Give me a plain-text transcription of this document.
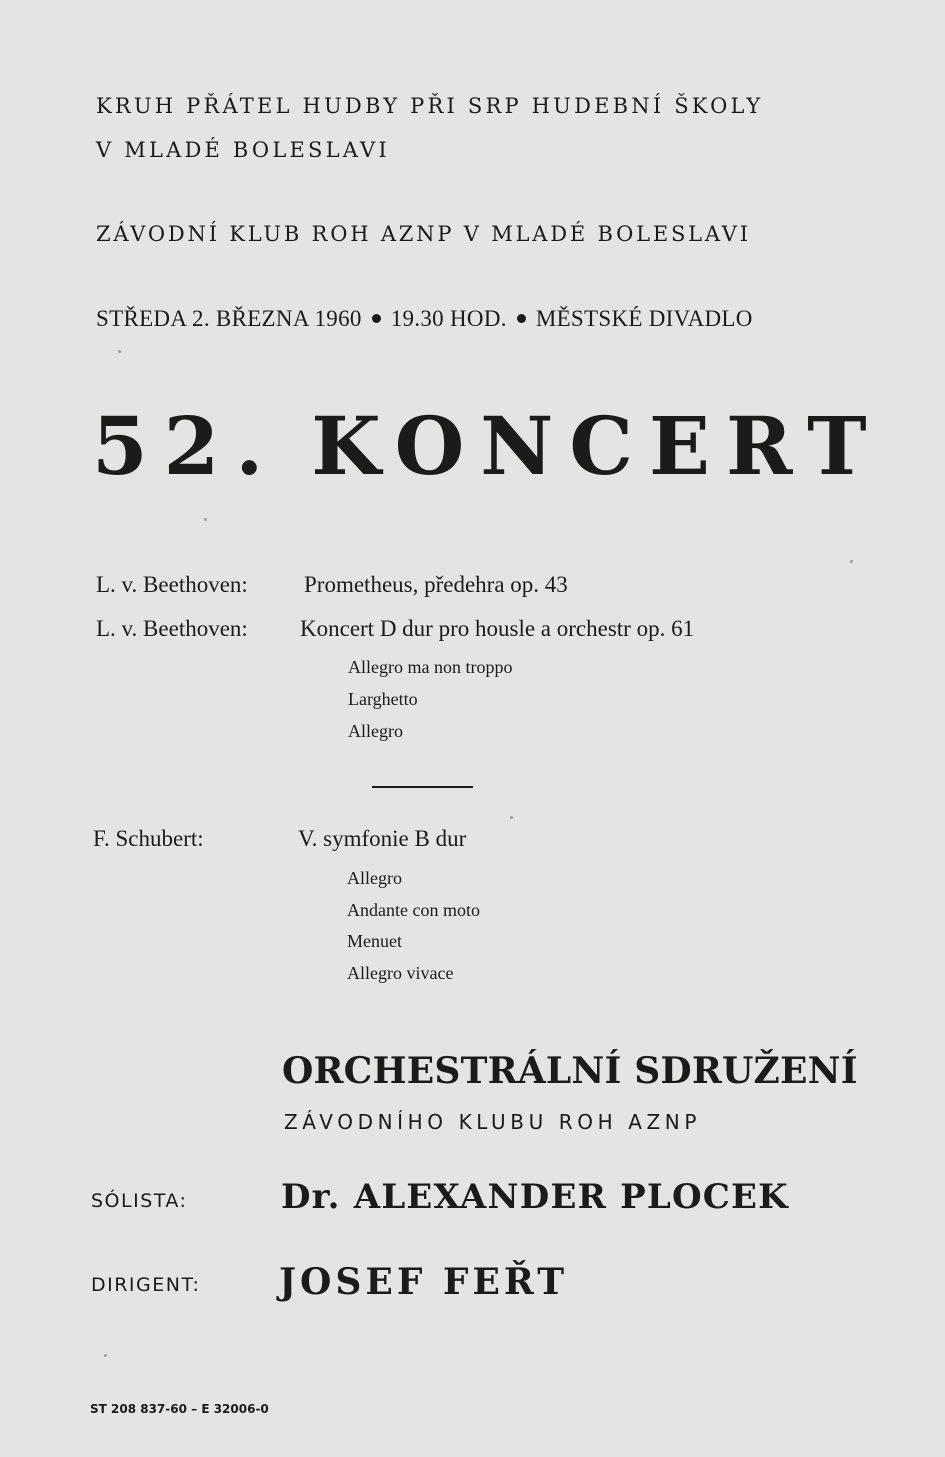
KRUH PŘÁTEL HUDBY PŘI SRP HUDEBNÍ ŠKOLY
V MLADÉ BOLESLAVI
ZÁVODNÍ KLUB ROH AZNP V MLADÉ BOLESLAVI
STŘEDA 2. BŘEZNA 1960 19.30 HOD. MĚSTSKÉ DIVADLO
52. KONCERT
L. v. Beethoven: Prometheus, předehra op. 43
L. v. Beethoven: Koncert D dur pro housle a orchestr op. 61
Allegro ma non troppo
Larghetto
Allegro
F. Schubert:	V. symfonie B dur
Allegro
Andante con moto
Menuet
Allegro vivace
ORCHESTRÁLNÍ SDRUŽENÍ
ZÁVODNÍHO KLUBU ROH AZNP
SÓLISTA:	Dr. ALEXANDER PLOCEK
DIRIGENT: JOSEF FEŘT
ST 208 837-60 – E 32006-0
